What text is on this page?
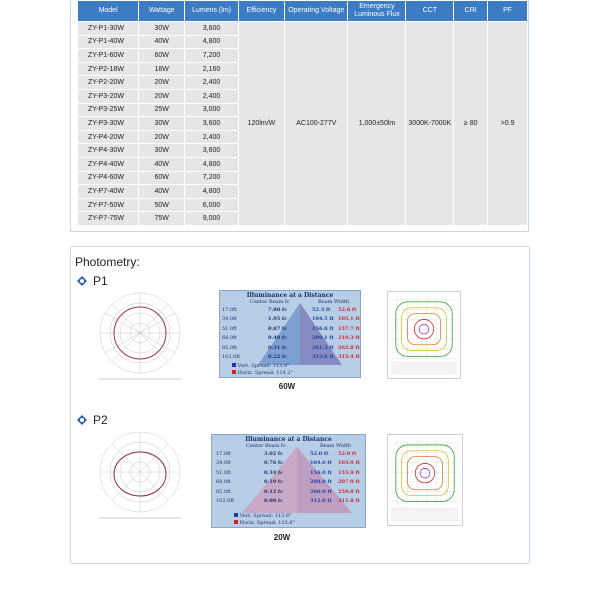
Model	Wattage	Lumens (lm)	Efficiency	Operating Voltage	Emergency Luminous Flux	CCT	CRI	PF
ZY-P1-30W	30W	3,600	120lm/W	AC100-277V	1,000±50lm	3000K-7000K	≥ 80	>0.9
ZY-P1-40W	40W	4,800						
ZY-P1-60W	60W	7,200						
ZY-P2-18W	18W	2,160						
ZY-P2-20W	20W	2,400						
ZY-P3-20W	20W	2,400						
ZY-P3-25W	25W	3,000						
ZY-P3-30W	30W	3,600						
ZY-P4-20W	20W	2,400						
ZY-P4-30W	30W	3,600						
ZY-P4-40W	40W	4,800						
ZY-P4-60W	60W	7,200						
ZY-P7-40W	40W	4,800						
ZY-P7-50W	50W	6,000						
ZY-P7-75W	75W	9,000						
Photometry:
P1
Illuminance at a Distance
Center Beam fc	Beam Width
17.0ft	7.80 fc	52.3 ft 52.6 ft
34.0ft	1.95 fc	104.5 ft 105.1 ft
51.0ft	0.87 fc	156.8 ft 157.7 ft
68.0ft	0.49 fc	209.1 ft 210.3 ft
85.0ft	0.31 fc	261.3 ft 262.8 ft
102.0ft	0.22 fc	313.6 ft 315.4 ft
Vert. Spread: 113.9°
Horiz. Spread: 114.2°
60W
P2
Illuminance at a Distance
Center Beam fc	Beam Width
17.0ft	3.02 fc	52.0 ft 52.0 ft
34.0ft	0.76 fc	104.0 ft 103.9 ft
51.0ft	0.34 fc	156.0 ft 155.9 ft
68.0ft	0.19 fc	208.0 ft 207.9 ft
85.0ft	0.12 fc	260.0 ft 259.8 ft
102.0ft	0.08 fc	312.0 ft 311.8 ft
Vert. Spread: 113.6°
Horiz. Spread: 113.6°
20W
